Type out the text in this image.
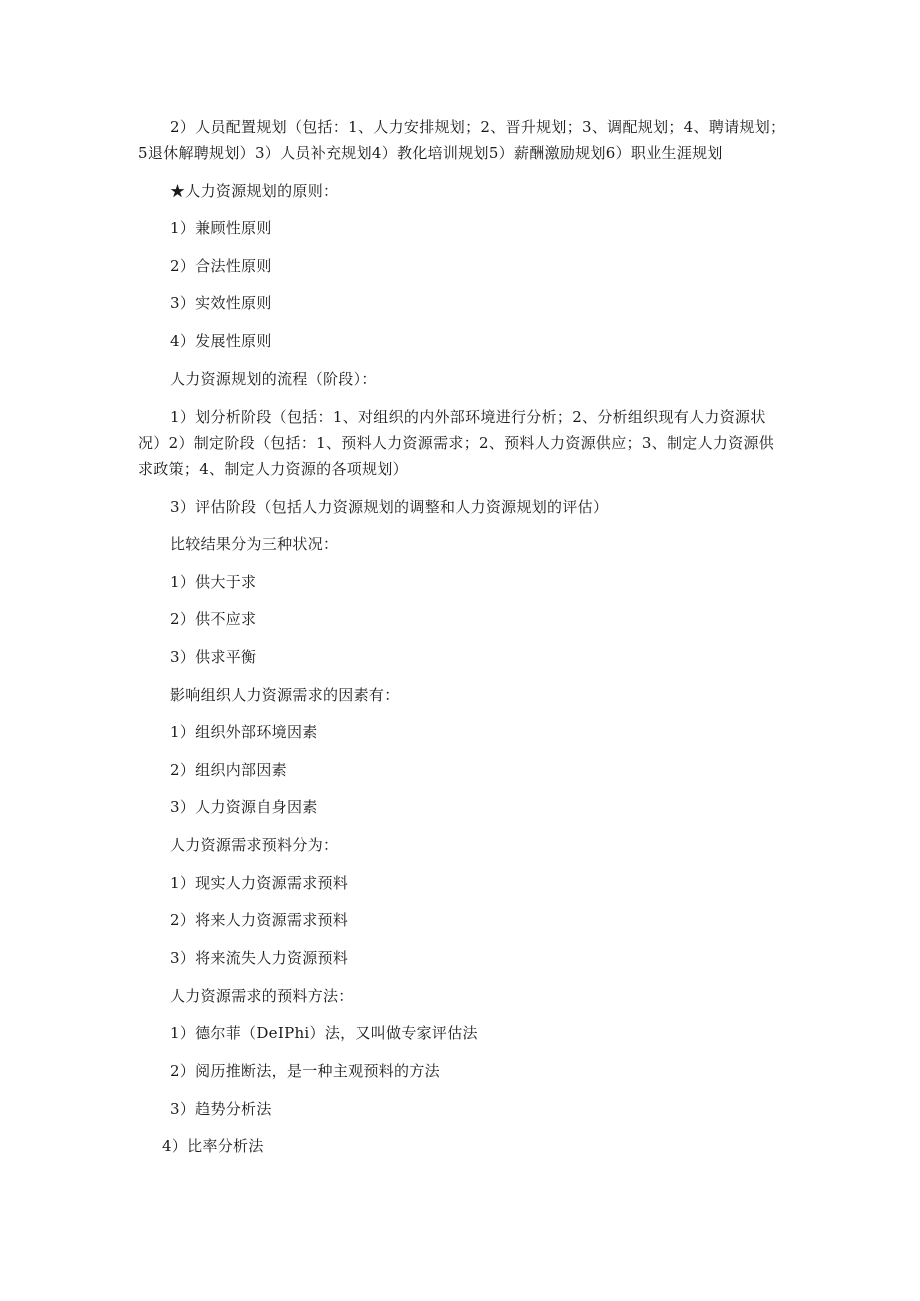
2）人员配置规划（包括：1、人力安排规划；2、晋升规划；3、调配规划；4、聘请规划；5退休解聘规划）3）人员补充规划4）教化培训规划5）薪酬激励规划6）职业生涯规划

★人力资源规划的原则：

1）兼顾性原则

2）合法性原则

3）实效性原则

4）发展性原则

人力资源规划的流程（阶段）：

1）划分析阶段（包括：1、对组织的内外部环境进行分析；2、分析组织现有人力资源状况）2）制定阶段（包括：1、预料人力资源需求；2、预料人力资源供应；3、制定人力资源供求政策；4、制定人力资源的各项规划）

3）评估阶段（包括人力资源规划的调整和人力资源规划的评估）

比较结果分为三种状况：

1）供大于求

2）供不应求

3）供求平衡

影响组织人力资源需求的因素有：

1）组织外部环境因素

2）组织内部因素

3）人力资源自身因素

人力资源需求预料分为：

1）现实人力资源需求预料

2）将来人力资源需求预料

3）将来流失人力资源预料

人力资源需求的预料方法：

1）德尔菲（DeIPhi）法，又叫做专家评估法

2）阅历推断法，是一种主观预料的方法

3）趋势分析法

4）比率分析法
